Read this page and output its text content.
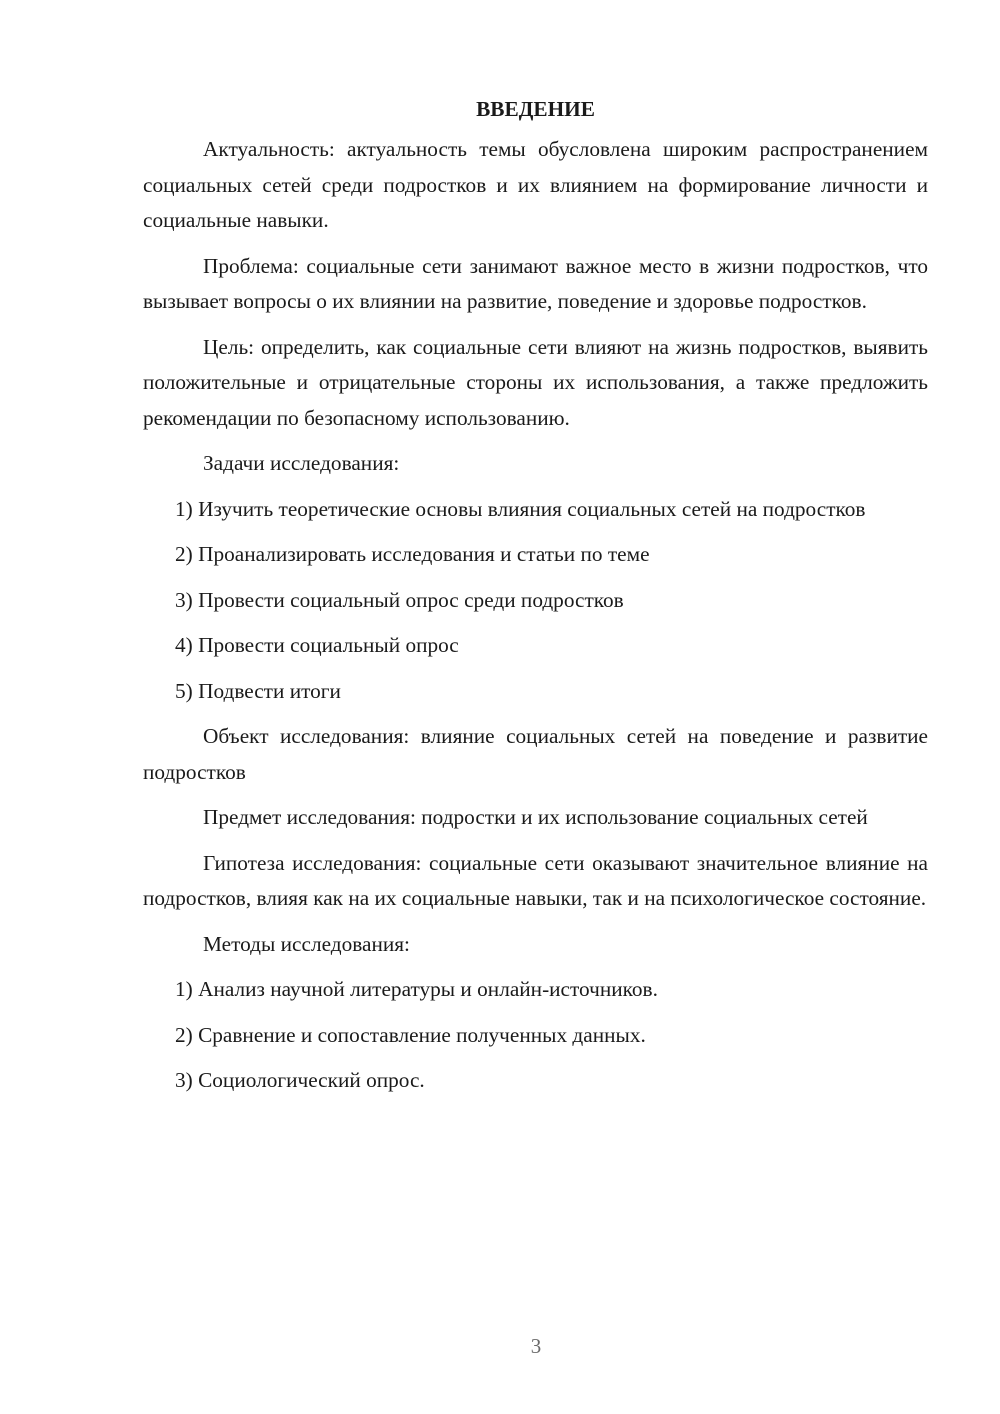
ВВЕДЕНИЕ

Актуальность: актуальность темы обусловлена широким распространением социальных сетей среди подростков и их влиянием на формирование личности и социальные навыки.

Проблема: социальные сети занимают важное место в жизни подростков, что вызывает вопросы о их влиянии на развитие, поведение и здоровье подростков.

Цель: определить, как социальные сети влияют на жизнь подростков, выявить положительные и отрицательные стороны их использования, а также предложить рекомендации по безопасному использованию.

Задачи исследования:

1) Изучить теоретические основы влияния социальных сетей на подростков

2) Проанализировать исследования и статьи по теме

3) Провести социальный опрос среди подростков

4) Провести социальный опрос

5) Подвести итоги

Объект исследования: влияние социальных сетей на поведение и развитие подростков

Предмет исследования: подростки и их использование социальных сетей

Гипотеза исследования: социальные сети оказывают значительное влияние на подростков, влияя как на их социальные навыки, так и на психологическое состояние.

Методы исследования:

1) Анализ научной литературы и онлайн-источников.

2) Сравнение и сопоставление полученных данных.

3) Социологический опрос.

3
